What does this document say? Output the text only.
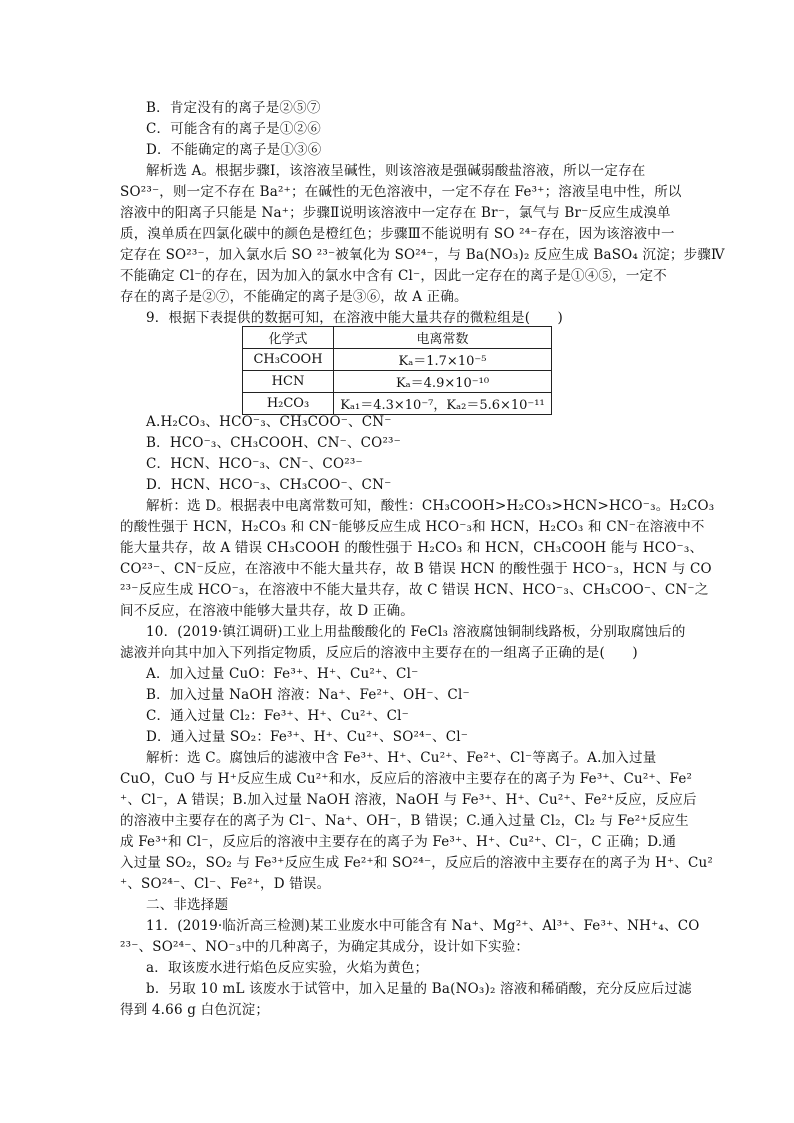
B．肯定没有的离子是②⑤⑦
C．可能含有的离子是①②⑥
D．不能确定的离子是①③⑥
解析选 A。根据步骤Ⅰ，该溶液呈碱性，则该溶液是强碱弱酸盐溶液，所以一定存在
SO²³⁻，则一定不存在 Ba²⁺；在碱性的无色溶液中，一定不存在 Fe³⁺；溶液呈电中性，所以
溶液中的阳离子只能是 Na⁺；步骤Ⅱ说明该溶液中一定存在 Br⁻，氯气与 Br⁻反应生成溴单
质，溴单质在四氯化碳中的颜色是橙红色；步骤Ⅲ不能说明有 SO ²⁴⁻存在，因为该溶液中一
定存在 SO²³⁻，加入氯水后 SO ²³⁻被氧化为 SO²⁴⁻，与 Ba(NO₃)₂ 反应生成 BaSO₄ 沉淀；步骤Ⅳ
不能确定 Cl⁻的存在，因为加入的氯水中含有 Cl⁻，因此一定存在的离子是①④⑤，一定不
存在的离子是②⑦，不能确定的离子是③⑥，故 A 正确。
9．根据下表提供的数据可知，在溶液中能大量共存的微粒组是(　　)
A.H₂CO₃、HCO⁻₃、CH₃COO⁻、CN⁻
B．HCO⁻₃、CH₃COOH、CN⁻、CO²³⁻
C．HCN、HCO⁻₃、CN⁻、CO²³⁻
D．HCN、HCO⁻₃、CH₃COO⁻、CN⁻
解析：选 D。根据表中电离常数可知，酸性：CH₃COOH>H₂CO₃>HCN>HCO⁻₃。H₂CO₃
的酸性强于 HCN，H₂CO₃ 和 CN⁻能够反应生成 HCO⁻₃和 HCN，H₂CO₃ 和 CN⁻在溶液中不
能大量共存，故 A 错误 CH₃COOH 的酸性强于 H₂CO₃ 和 HCN，CH₃COOH 能与 HCO⁻₃、
CO²³⁻、CN⁻反应，在溶液中不能大量共存，故 B 错误 HCN 的酸性强于 HCO⁻₃，HCN 与 CO
²³⁻反应生成 HCO⁻₃，在溶液中不能大量共存，故 C 错误 HCN、HCO⁻₃、CH₃COO⁻、CN⁻之
间不反应，在溶液中能够大量共存，故 D 正确。
10．(2019·镇江调研)工业上用盐酸酸化的 FeCl₃ 溶液腐蚀铜制线路板，分别取腐蚀后的
滤液并向其中加入下列指定物质，反应后的溶液中主要存在的一组离子正确的是(　　)
A．加入过量 CuO：Fe³⁺、H⁺、Cu²⁺、Cl⁻
B．加入过量 NaOH 溶液：Na⁺、Fe²⁺、OH⁻、Cl⁻
C．通入过量 Cl₂：Fe³⁺、H⁺、Cu²⁺、Cl⁻
D．通入过量 SO₂：Fe³⁺、H⁺、Cu²⁺、SO²⁴⁻、Cl⁻
解析：选 C。腐蚀后的滤液中含 Fe³⁺、H⁺、Cu²⁺、Fe²⁺、Cl⁻等离子。A.加入过量
CuO，CuO 与 H⁺反应生成 Cu²⁺和水，反应后的溶液中主要存在的离子为 Fe³⁺、Cu²⁺、Fe²
⁺、Cl⁻，A 错误；B.加入过量 NaOH 溶液，NaOH 与 Fe³⁺、H⁺、Cu²⁺、Fe²⁺反应，反应后
的溶液中主要存在的离子为 Cl⁻、Na⁺、OH⁻，B 错误；C.通入过量 Cl₂，Cl₂ 与 Fe²⁺反应生
成 Fe³⁺和 Cl⁻，反应后的溶液中主要存在的离子为 Fe³⁺、H⁺、Cu²⁺、Cl⁻，C 正确；D.通
入过量 SO₂，SO₂ 与 Fe³⁺反应生成 Fe²⁺和 SO²⁴⁻，反应后的溶液中主要存在的离子为 H⁺、Cu²
⁺、SO²⁴⁻、Cl⁻、Fe²⁺，D 错误。
二、非选择题
11．(2019·临沂高三检测)某工业废水中可能含有 Na⁺、Mg²⁺、Al³⁺、Fe³⁺、NH⁺₄、CO
²³⁻、SO²⁴⁻、NO⁻₃中的几种离子，为确定其成分，设计如下实验：
a．取该废水进行焰色反应实验，火焰为黄色；
b．另取 10 mL 该废水于试管中，加入足量的 Ba(NO₃)₂ 溶液和稀硝酸，充分反应后过滤
得到 4.66 g 白色沉淀；
化学式	电离常数
CH₃COOH	Kₐ＝1.7×10⁻⁵
HCN	Kₐ＝4.9×10⁻¹⁰
H₂CO₃	Kₐ₁＝4.3×10⁻⁷，Kₐ₂＝5.6×10⁻¹¹
